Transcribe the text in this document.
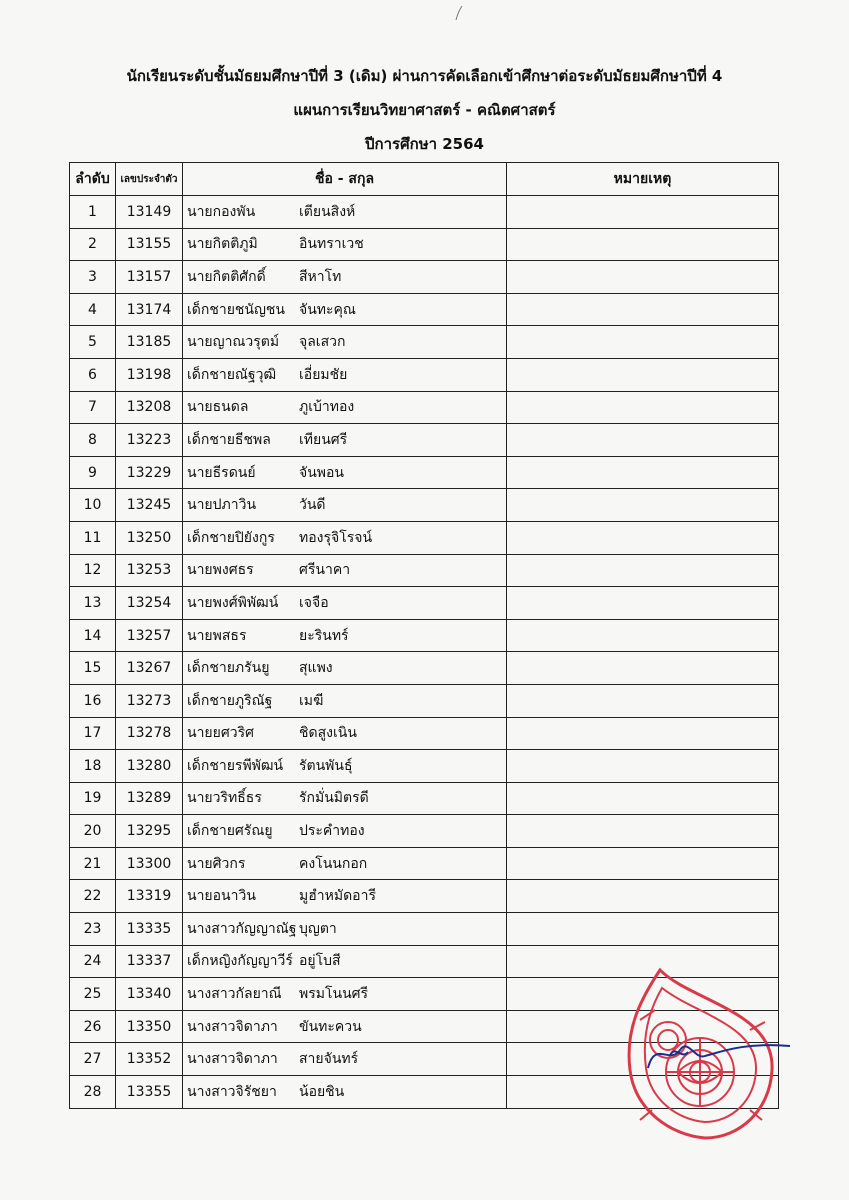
นักเรียนระดับชั้นมัธยมศึกษาปีที่ 3 (เดิม) ผ่านการคัดเลือกเข้าศึกษาต่อระดับมัธยมศึกษาปีที่ 4
แผนการเรียนวิทยาศาสตร์ - คณิตศาสตร์
ปีการศึกษา 2564
ลำดับ	เลขประจำตัว	ชื่อ - สกุล	หมายเหตุ
1	13149	นายกองพัน เตียนสิงห์	
2	13155	นายกิตติภูมิ อินทราเวช	
3	13157	นายกิตติศักดิ์ สีหาโท	
4	13174	เด็กชายชนัญชน จันทะคุณ	
5	13185	นายญาณวรุตม์ จุลเสวก	
6	13198	เด็กชายณัฐวุฒิ เอี่ยมชัย	
7	13208	นายธนดล ภูเบ้าทอง	
8	13223	เด็กชายธีชพล เทียนศรี	
9	13229	นายธีรดนย์ จันพอน	
10	13245	นายปภาวิน วันดี	
11	13250	เด็กชายปิยังกูร ทองรุจิโรจน์	
12	13253	นายพงศธร ศรีนาคา	
13	13254	นายพงศ์พิพัฒน์ เจจือ	
14	13257	นายพสธร ยะรินทร์	
15	13267	เด็กชายภรันยู สุแพง	
16	13273	เด็กชายภูริณัฐ เมฆี	
17	13278	นายยศวริศ ชิดสูงเนิน	
18	13280	เด็กชายรพีพัฒน์ รัตนพันธุ์	
19	13289	นายวริทธิ์ธร รักมั่นมิตรดี	
20	13295	เด็กชายศรัณยู ประคำทอง	
21	13300	นายศิวกร คงโนนกอก	
22	13319	นายอนาวิน มูฮำหมัดอารี	
23	13335	นางสาวกัญญาณัฐ บุญตา	
24	13337	เด็กหญิงกัญญาวีร์ อยู่โบสี	
25	13340	นางสาวกัลยาณี พรมโนนศรี	
26	13350	นางสาวจิดาภา ขันทะควน	
27	13352	นางสาวจิดาภา สายจันทร์	
28	13355	นางสาวจิรัชยา น้อยชิน	
